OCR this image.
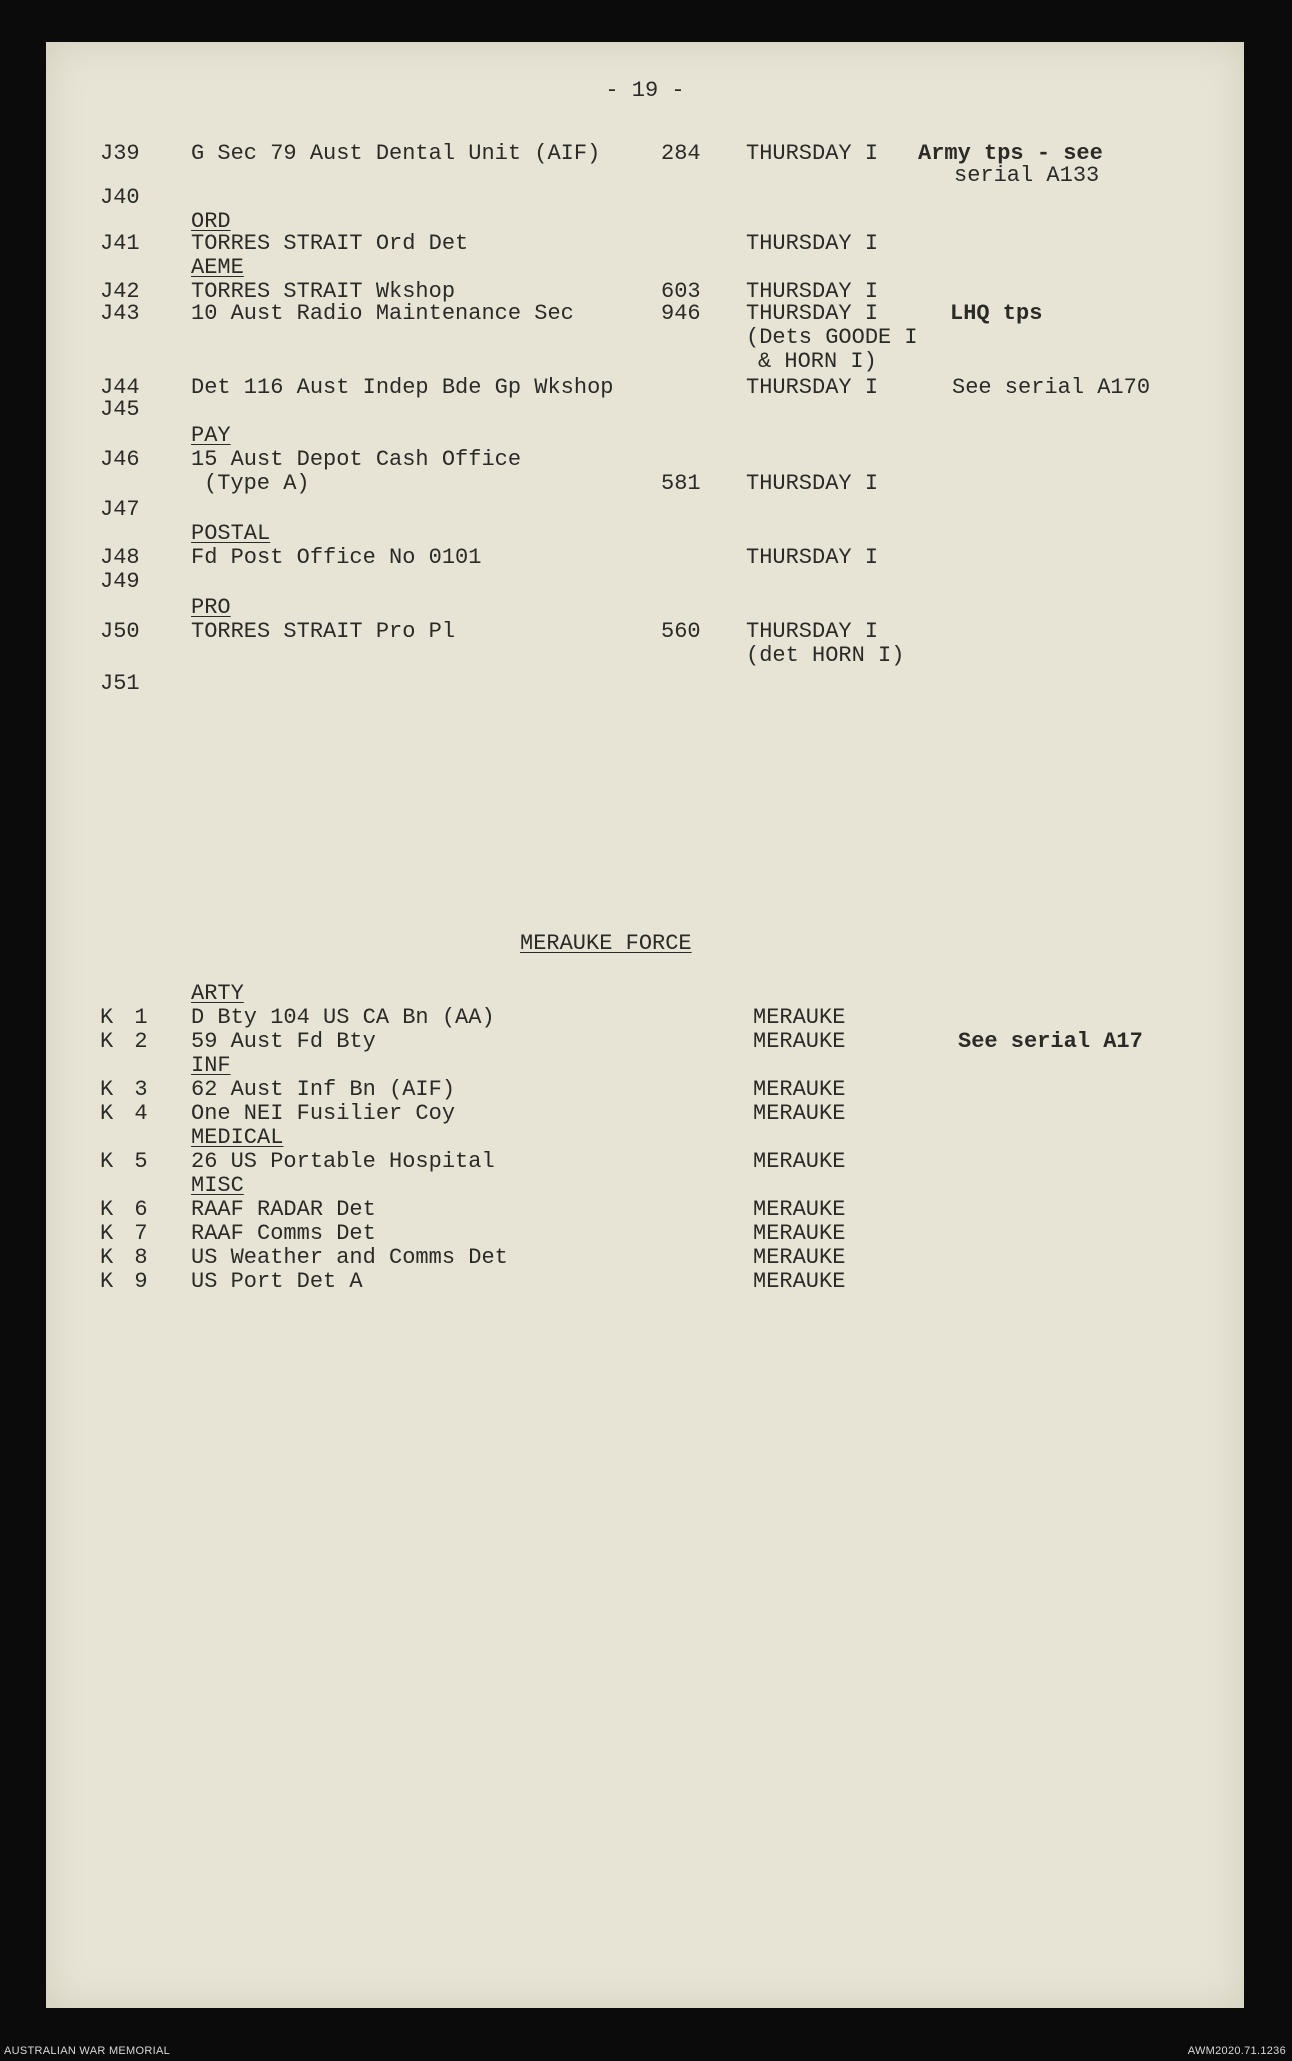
- 19 -
J39 G Sec 79 Aust Dental Unit (AIF)	284 THURSDAY I Army tps - see
serial A133
J40
ORD
J41 TORRES STRAIT Ord Det	THURSDAY I
AEME
J42 TORRES STRAIT Wkshop	603 THURSDAY I
J43 10 Aust Radio Maintenance Sec	946 THURSDAY I	LHQ tps
(Dets GOODE I
& HORN I)
J44 Det 116 Aust Indep Bde Gp Wkshop	THURSDAY I	See serial A170
J45
PAY
J46 15 Aust Depot Cash Office
(Type A)	581 THURSDAY I
J47
POSTAL
J48 Fd Post Office No 0101	THURSDAY I
J49
PRO
J50 TORRES STRAIT Pro Pl	560 THURSDAY I
(det HORN I)
J51
MERAUKE FORCE
ARTY
K 1 D Bty 104 US CA Bn (AA)	MERAUKE
K 2 59 Aust Fd Bty	MERAUKE	See serial A17
INF
K 3 62 Aust Inf Bn (AIF)	MERAUKE
K 4 One NEI Fusilier Coy	MERAUKE
MEDICAL
K 5 26 US Portable Hospital	MERAUKE
MISC
K 6 RAAF RADAR Det	MERAUKE
K 7 RAAF Comms Det	MERAUKE
K 8 US Weather and Comms Det	MERAUKE
K 9 US Port Det A	MERAUKE
AUSTRALIAN WAR MEMORIAL	AWM2020.71.1236
